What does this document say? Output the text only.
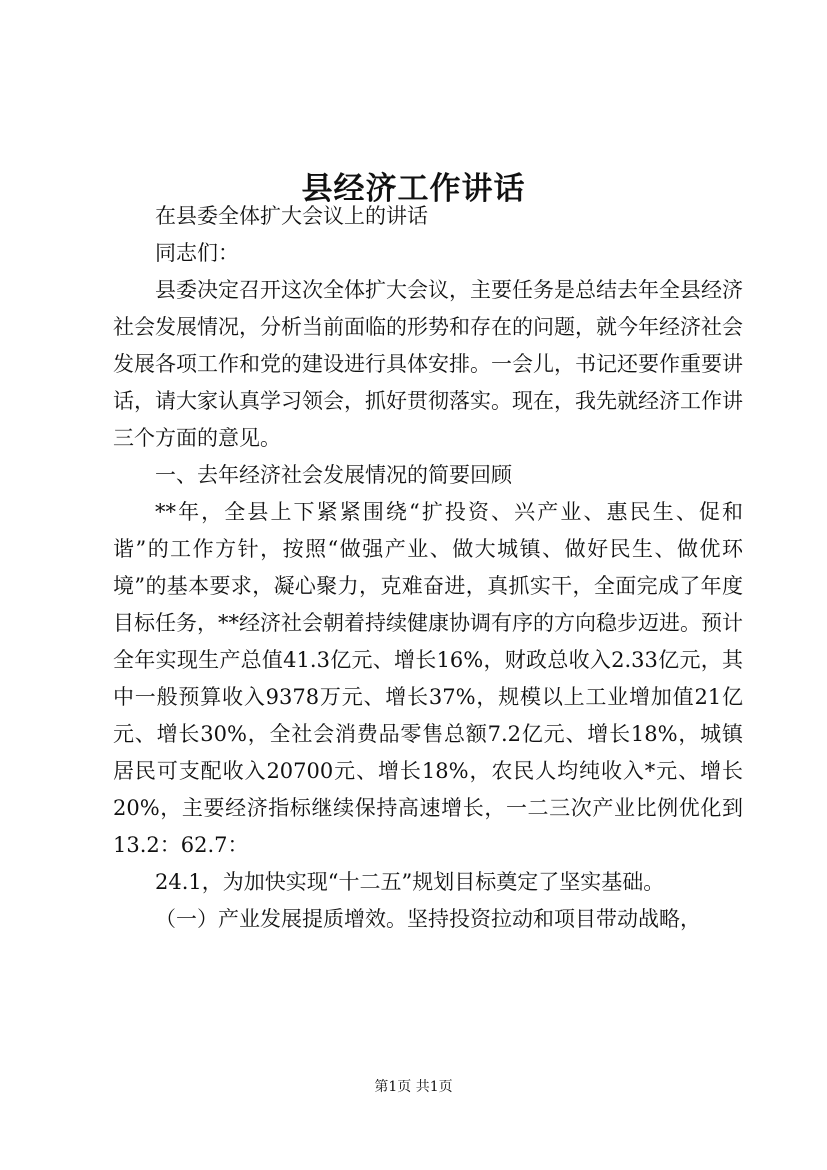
县经济工作讲话

在县委全体扩大会议上的讲话

同志们：

县委决定召开这次全体扩大会议，主要任务是总结去年全县经济社会发展情况，分析当前面临的形势和存在的问题，就今年经济社会发展各项工作和党的建设进行具体安排。一会儿，书记还要作重要讲话，请大家认真学习领会，抓好贯彻落实。现在，我先就经济工作讲三个方面的意见。

一、去年经济社会发展情况的简要回顾

**年，全县上下紧紧围绕“扩投资、兴产业、惠民生、促和谐”的工作方针，按照“做强产业、做大城镇、做好民生、做优环境”的基本要求，凝心聚力，克难奋进，真抓实干，全面完成了年度目标任务，**经济社会朝着持续健康协调有序的方向稳步迈进。预计全年实现生产总值41.3亿元、增长16%，财政总收入2.33亿元，其中一般预算收入9378万元、增长37%，规模以上工业增加值21亿元、增长30%，全社会消费品零售总额7.2亿元、增长18%，城镇居民可支配收入20700元、增长18%，农民人均纯收入*元、增长20%，主要经济指标继续保持高速增长，一二三次产业比例优化到13.2：62.7：

24.1，为加快实现“十二五”规划目标奠定了坚实基础。

（一）产业发展提质增效。坚持投资拉动和项目带动战略，

第1页 共1页
